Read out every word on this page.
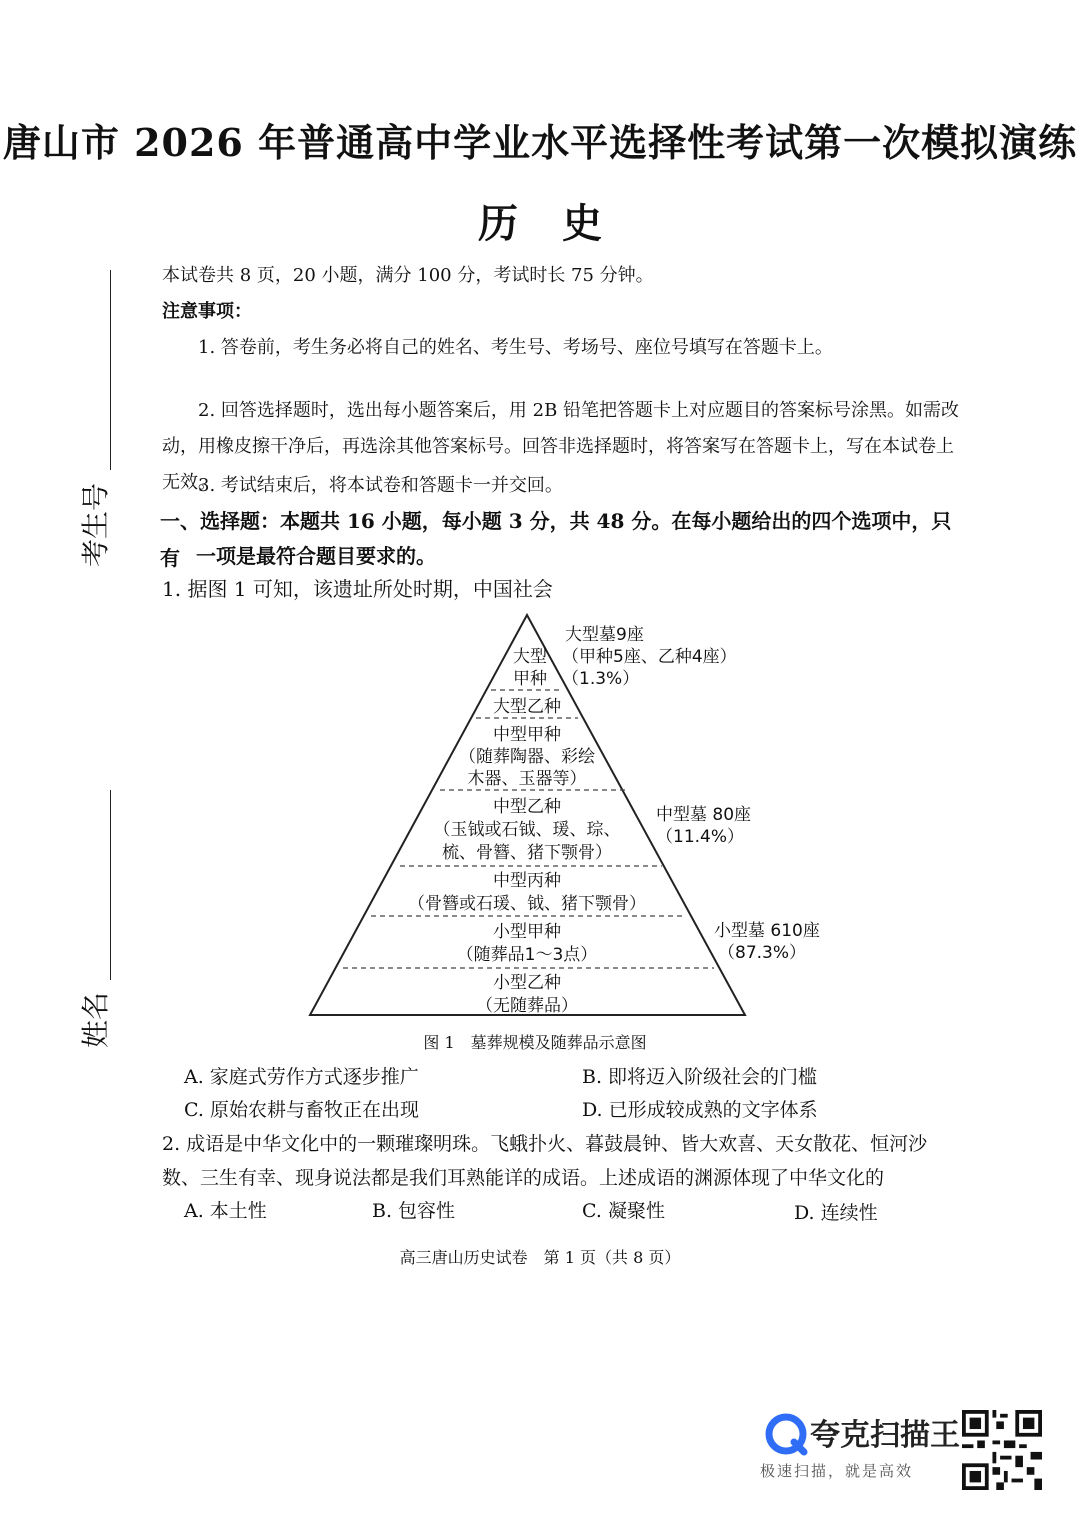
唐山市 2026 年普通高中学业水平选择性考试第一次模拟演练
历史
考生号
姓名
本试卷共 8 页，20 小题，满分 100 分，考试时长 75 分钟。
注意事项：
1. 答卷前，考生务必将自己的姓名、考生号、考场号、座位号填写在答题卡上。
2. 回答选择题时，选出每小题答案后，用 2B 铅笔把答题卡上对应题目的答案标号涂黑。如需改动，用橡皮擦干净后，再选涂其他答案标号。回答非选择题时，将答案写在答题卡上，写在本试卷上无效。
3. 考试结束后，将本试卷和答题卡一并交回。
一、选择题：本题共 16 小题，每小题 3 分，共 48 分。在每小题给出的四个选项中，只有 一项是最符合题目要求的。
1. 据图 1 可知，该遗址所处时期，中国社会
大型
甲种
大型乙种
中型甲种
（随葬陶器、彩绘
木器、玉器等）
中型乙种
（玉钺或石钺、瑗、琮、
梳、骨簪、猪下颚骨）
中型丙种
（骨簪或石瑗、钺、猪下颚骨）
小型甲种
（随葬品1～3点）
小型乙种
（无随葬品）
大型墓9座
（甲种5座、乙种4座）
（1.3%）
中型墓 80座
（11.4%）
小型墓 610座
（87.3%）
图 1　墓葬规模及随葬品示意图
A. 家庭式劳作方式逐步推广	B. 即将迈入阶级社会的门槛
C. 原始农耕与畜牧正在出现	D. 已形成较成熟的文字体系
2. 成语是中华文化中的一颗璀璨明珠。飞蛾扑火、暮鼓晨钟、皆大欢喜、天女散花、恒河沙
数、三生有幸、现身说法都是我们耳熟能详的成语。上述成语的渊源体现了中华文化的
A. 本土性	B. 包容性	C. 凝聚性	D. 连续性
高三唐山历史试卷　第 1 页（共 8 页）
夸克扫描王
极速扫描，就是高效
